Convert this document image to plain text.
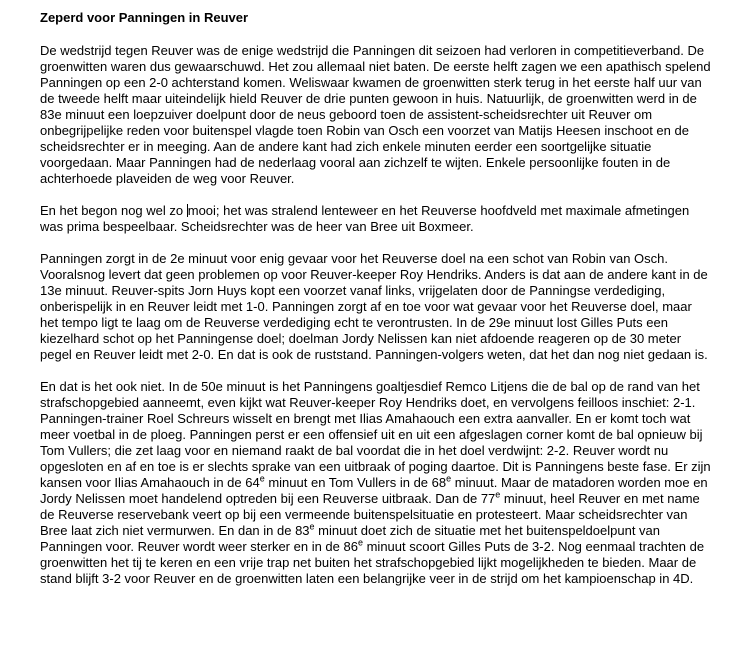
Zeperd voor Panningen in Reuver

De wedstrijd tegen Reuver was de enige wedstrijd die Panningen dit seizoen had verloren in competitieverband. De groenwitten waren dus gewaarschuwd. Het zou allemaal niet baten. De eerste helft zagen we een apathisch spelend Panningen op een 2-0 achterstand komen. Weliswaar kwamen de groenwitten sterk terug in het eerste half uur van de tweede helft maar uiteindelijk hield Reuver de drie punten gewoon in huis. Natuurlijk, de groenwitten werd in de 83e minuut een loepzuiver doelpunt door de neus geboord toen de assistent-scheidsrechter uit Reuver om onbegrijpelijke reden voor buitenspel vlagde toen Robin van Osch een voorzet van Matijs Heesen inschoot en de scheidsrechter er in meeging. Aan de andere kant had zich enkele minuten eerder een soortgelijke situatie voorgedaan. Maar Panningen had de nederlaag vooral aan zichzelf te wijten. Enkele persoonlijke fouten in de achterhoede plaveiden de weg voor Reuver.

En het begon nog wel zo mooi; het was stralend lenteweer en het Reuverse hoofdveld met maximale afmetingen was prima bespeelbaar. Scheidsrechter was de heer van Bree uit Boxmeer.

Panningen zorgt in de 2e minuut voor enig gevaar voor het Reuverse doel na een schot van Robin van Osch. Vooralsnog levert dat geen problemen op voor Reuver-keeper Roy Hendriks. Anders is dat aan de andere kant in de 13e minuut. Reuver-spits Jorn Huys kopt een voorzet vanaf links, vrijgelaten door de Panningse verdediging, onberispelijk in en Reuver leidt met 1-0. Panningen zorgt af en toe voor wat gevaar voor het Reuverse doel, maar het tempo ligt te laag om de Reuverse verdediging echt te verontrusten. In de 29e minuut lost Gilles Puts een kiezelhard schot op het Panningense doel; doelman Jordy Nelissen kan niet afdoende reageren op de 30 meter pegel en Reuver leidt met 2-0. En dat is ook de ruststand. Panningen-volgers weten, dat het dan nog niet gedaan is.

En dat is het ook niet. In de 50e minuut is het Panningens goaltjesdief Remco Litjens die de bal op de rand van het strafschopgebied aanneemt, even kijkt wat Reuver-keeper Roy Hendriks doet, en vervolgens feilloos inschiet: 2-1. Panningen-trainer Roel Schreurs wisselt en brengt met Ilias Amahaouch een extra aanvaller. En er komt toch wat meer voetbal in de ploeg. Panningen perst er een offensief uit en uit een afgeslagen corner komt de bal opnieuw bij Tom Vullers; die zet laag voor en niemand raakt de bal voordat die in het doel verdwijnt: 2-2. Reuver wordt nu opgesloten en af en toe is er slechts sprake van een uitbraak of poging daartoe. Dit is Panningens beste fase. Er zijn kansen voor Ilias Amahaouch in de 64e minuut en Tom Vullers in de 68e minuut. Maar de matadoren worden moe en Jordy Nelissen moet handelend optreden bij een Reuverse uitbraak. Dan de 77e minuut, heel Reuver en met name de Reuverse reservebank veert op bij een vermeende buitenspelsituatie en protesteert. Maar scheidsrechter van Bree laat zich niet vermurwen. En dan in de 83e minuut doet zich de situatie met het buitenspeldoelpunt van Panningen voor. Reuver wordt weer sterker en in de 86e minuut scoort Gilles Puts de 3-2. Nog eenmaal trachten de groenwitten het tij te keren en een vrije trap net buiten het strafschopgebied lijkt mogelijkheden te bieden. Maar de stand blijft 3-2 voor Reuver en de groenwitten laten een belangrijke veer in de strijd om het kampioenschap in 4D.
